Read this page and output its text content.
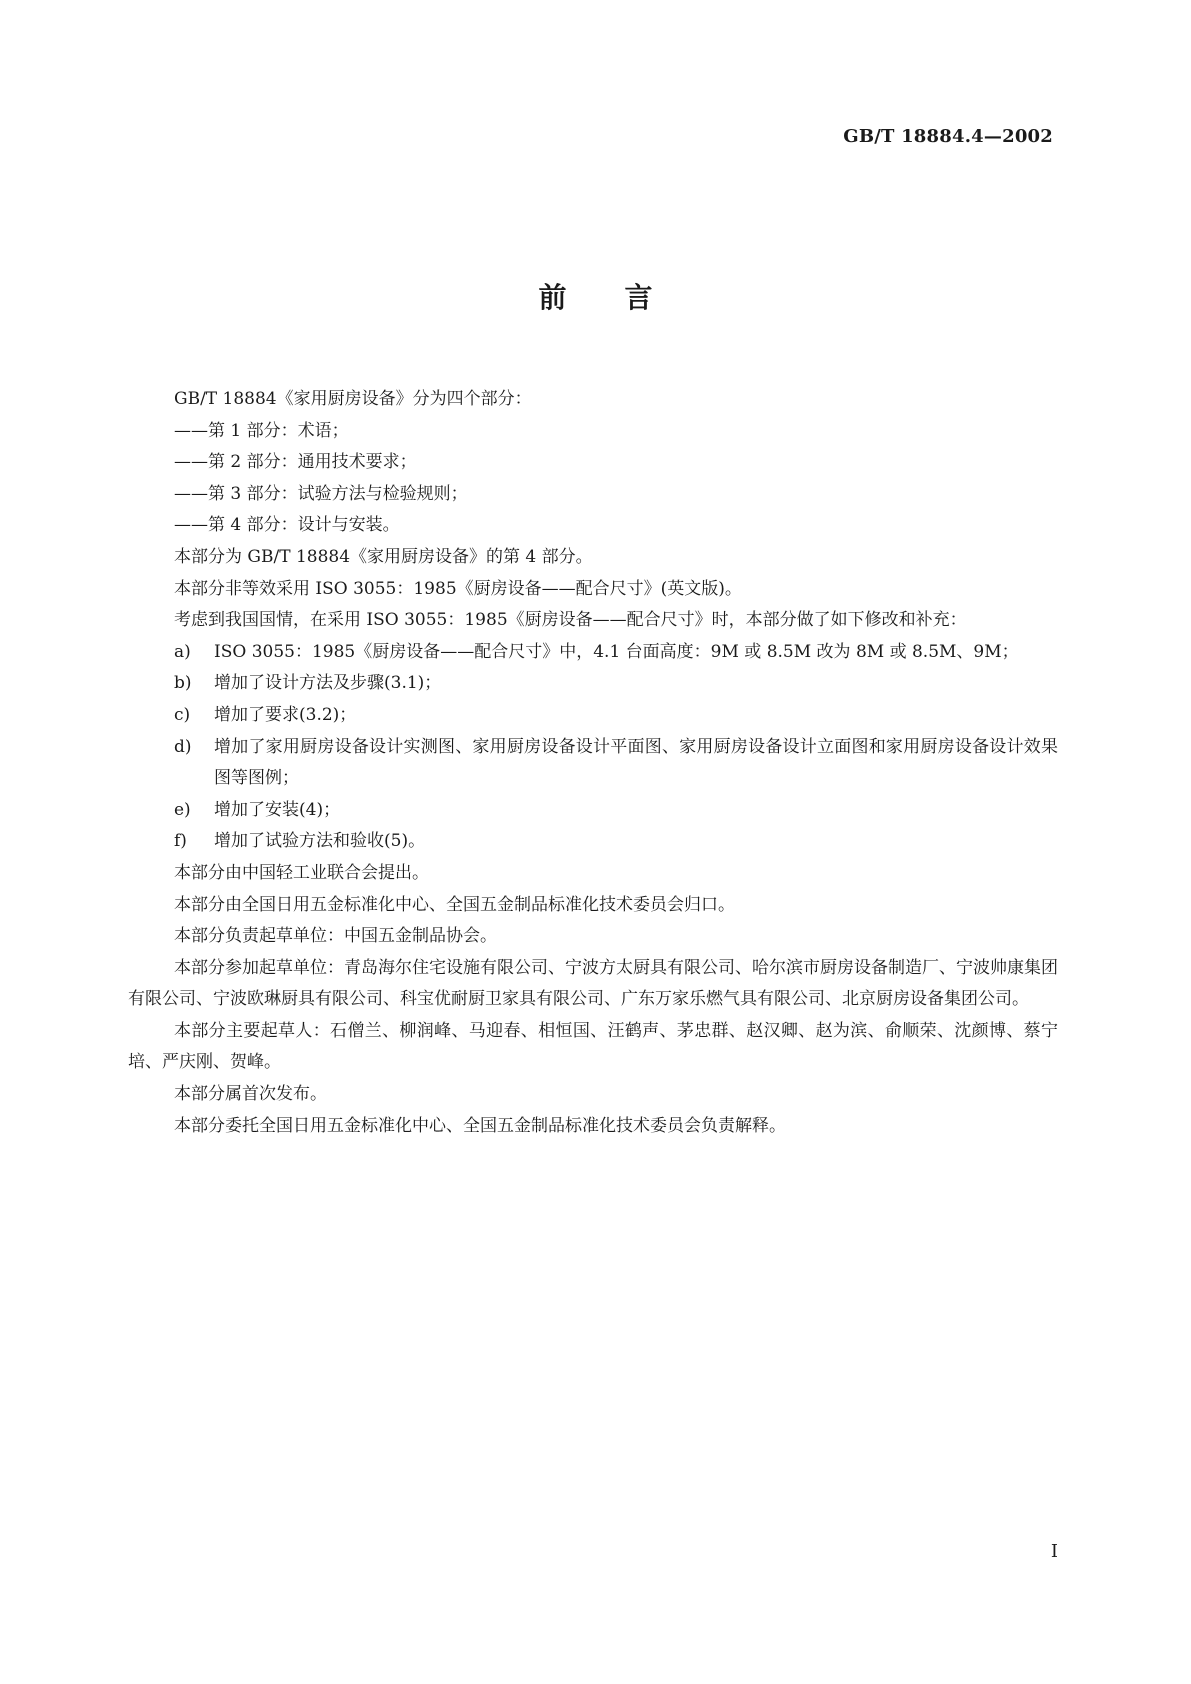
GB/T 18884.4—2002
前言

GB/T 18884《家用厨房设备》分为四个部分：

——第 1 部分：术语；

——第 2 部分：通用技术要求；

——第 3 部分：试验方法与检验规则；

——第 4 部分：设计与安装。

本部分为 GB/T 18884《家用厨房设备》的第 4 部分。

本部分非等效采用 ISO 3055：1985《厨房设备——配合尺寸》(英文版)。

考虑到我国国情，在采用 ISO 3055：1985《厨房设备——配合尺寸》时，本部分做了如下修改和补充：

a)	ISO 3055：1985《厨房设备——配合尺寸》中，4.1 台面高度：9M 或 8.5M 改为 8M 或 8.5M、9M；
b)	增加了设计方法及步骤(3.1)；
c)	增加了要求(3.2)；
d)	增加了家用厨房设备设计实测图、家用厨房设备设计平面图、家用厨房设备设计立面图和家用厨房设备设计效果图等图例；
e)	增加了安装(4)；
f)	增加了试验方法和验收(5)。

本部分由中国轻工业联合会提出。

本部分由全国日用五金标准化中心、全国五金制品标准化技术委员会归口。

本部分负责起草单位：中国五金制品协会。

本部分参加起草单位：青岛海尔住宅设施有限公司、宁波方太厨具有限公司、哈尔滨市厨房设备制造厂、宁波帅康集团有限公司、宁波欧琳厨具有限公司、科宝优耐厨卫家具有限公司、广东万家乐燃气具有限公司、北京厨房设备集团公司。

本部分主要起草人：石僧兰、柳润峰、马迎春、相恒国、汪鹤声、茅忠群、赵汉卿、赵为滨、俞顺荣、沈颜博、蔡宁培、严庆刚、贺峰。

本部分属首次发布。

本部分委托全国日用五金标准化中心、全国五金制品标准化技术委员会负责解释。

I
